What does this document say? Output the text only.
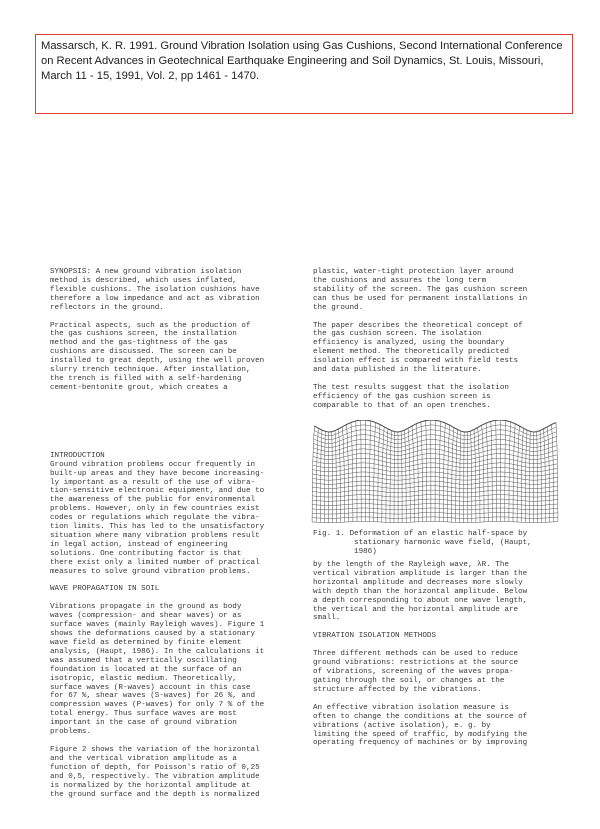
Massarsch, K. R. 1991. Ground Vibration Isolation using Gas Cushions, Second International Conference on Recent Advances in Geotechnical Earthquake Engineering and Soil Dynamics, St. Louis, Missouri, March 11 - 15, 1991, Vol. 2, pp 1461 - 1470.

SYNOPSIS: A new ground vibration isolation
method is described, which uses inflated,
flexible cushions. The isolation cushions have
therefore a low impedance and act as vibration
reflectors in the ground.

Practical aspects, such as the production of
the gas cushions screen, the installation
method and the gas-tightness of the gas
cushions are discussed. The screen can be
installed to great depth, using the well proven
slurry trench technique. After installation,
the trench is filled with a self-hardening
cement-bentonite grout, which creates a

INTRODUCTION

Ground vibration problems occur frequently in
built-up areas and they have become increasing-
ly important as a result of the use of vibra-
tion-sensitive electronic equipment, and due to
the awareness of the public for environmental
problems. However, only in few countries exist
codes or regulations which regulate the vibra-
tion limits. This has led to the unsatisfactory
situation where many vibration problems result
in legal action, instead of engineering
solutions. One contributing factor is that
there exist only a limited number of practical
measures to solve ground vibration problems.

WAVE PROPAGATION IN SOIL

Vibrations propagate in the ground as body
waves (compression- and shear waves) or as
surface waves (mainly Rayleigh waves). Figure 1
shows the deformations caused by a stationary
wave field as determined by finite element
analysis, (Haupt, 1986). In the calculations it
was assumed that a vertically oscillating
foundation is located at the surface of an
isotropic, elastic medium. Theoretically,
surface waves (R-waves) account in this case
for 67 %, shear waves (S-waves) for 26 %, and
compression waves (P-waves) for only 7 % of the
total energy. Thus surface waves are most
important in the case of ground vibration
problems.

Figure 2 shows the variation of the horizontal
and the vertical vibration amplitude as a
function of depth, for Poisson's ratio of 0,25
and 0,5, respectively. The vibration amplitude
is normalized by the horizontal amplitude at
the ground surface and the depth is normalized

plastic, water-tight protection layer around
the cushions and assures the long term
stability of the screen. The gas cushion screen
can thus be used for permanent installations in
the ground.

The paper describes the theoretical concept of
the gas cushion screen. The isolation
efficiency is analyzed, using the boundary
element method. The theoretically predicted
isolation effect is compared with field tests
and data published in the literature.

The test results suggest that the isolation
efficiency of the gas cushion screen is
comparable to that of an open trenches.

Fig. 1. Deformation of an elastic half-space by
stationary harmonic wave field, (Haupt,
1986)

by the length of the Rayleigh wave, λR. The
vertical vibration amplitude is larger than the
horizontal amplitude and decreases more slowly
with depth than the horizontal amplitude. Below
a depth corresponding to about one wave length,
the vertical and the horizontal amplitude are
small.

VIBRATION ISOLATION METHODS

Three different methods can be used to reduce
ground vibrations: restrictions at the source
of vibrations, screening of the waves propa-
gating through the soil, or changes at the
structure affected by the vibrations.

An effective vibration isolation measure is
often to change the conditions at the source of
vibrations (active isolation), e. g. by
limiting the speed of traffic, by modifying the
operating frequency of machines or by improving
